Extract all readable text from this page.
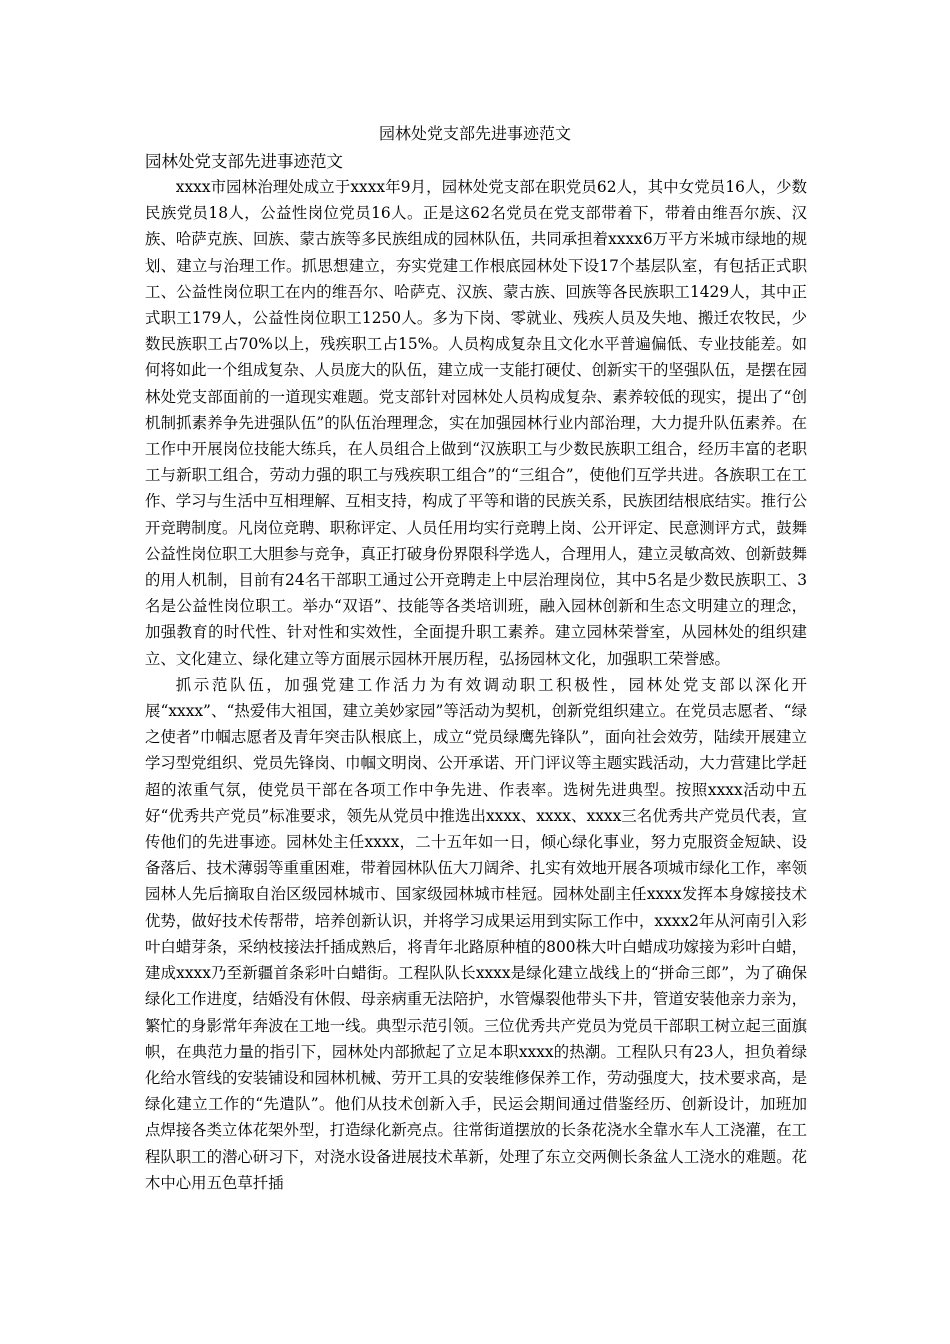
园林处党支部先进事迹范文
园林处党支部先进事迹范文

xxxx市园林治理处成立于xxxx年9月，园林处党支部在职党员62人，其中女党员16人，少数民族党员18人，公益性岗位党员16人。正是这62名党员在党支部带着下，带着由维吾尔族、汉族、哈萨克族、回族、蒙古族等多民族组成的园林队伍，共同承担着xxxx6万平方米城市绿地的规划、建立与治理工作。抓思想建立，夯实党建工作根底园林处下设17个基层队室，有包括正式职工、公益性岗位职工在内的维吾尔、哈萨克、汉族、蒙古族、回族等各民族职工1429人，其中正式职工179人，公益性岗位职工1250人。多为下岗、零就业、残疾人员及失地、搬迁农牧民，少数民族职工占70%以上，残疾职工占15%。人员构成复杂且文化水平普遍偏低、专业技能差。如何将如此一个组成复杂、人员庞大的队伍，建立成一支能打硬仗、创新实干的坚强队伍，是摆在园林处党支部面前的一道现实难题。党支部针对园林处人员构成复杂、素养较低的现实，提出了“创机制抓素养争先进强队伍”的队伍治理理念，实在加强园林行业内部治理，大力提升队伍素养。在工作中开展岗位技能大练兵，在人员组合上做到“汉族职工与少数民族职工组合，经历丰富的老职工与新职工组合，劳动力强的职工与残疾职工组合”的“三组合”，使他们互学共进。各族职工在工作、学习与生活中互相理解、互相支持，构成了平等和谐的民族关系，民族团结根底结实。推行公开竞聘制度。凡岗位竞聘、职称评定、人员任用均实行竞聘上岗、公开评定、民意测评方式，鼓舞公益性岗位职工大胆参与竞争，真正打破身份界限科学选人，合理用人，建立灵敏高效、创新鼓舞的用人机制，目前有24名干部职工通过公开竞聘走上中层治理岗位，其中5名是少数民族职工、3名是公益性岗位职工。举办“双语”、技能等各类培训班，融入园林创新和生态文明建立的理念，加强教育的时代性、针对性和实效性，全面提升职工素养。建立园林荣誉室，从园林处的组织建立、文化建立、绿化建立等方面展示园林开展历程，弘扬园林文化，加强职工荣誉感。

抓示范队伍，加强党建工作活力为有效调动职工积极性，园林处党支部以深化开展“xxxx”、“热爱伟大祖国，建立美妙家园”等活动为契机，创新党组织建立。在党员志愿者、“绿之使者”巾帼志愿者及青年突击队根底上，成立“党员绿鹰先锋队”，面向社会效劳，陆续开展建立学习型党组织、党员先锋岗、巾帼文明岗、公开承诺、开门评议等主题实践活动，大力营建比学赶超的浓重气氛，使党员干部在各项工作中争先进、作表率。选树先进典型。按照xxxx活动中五好“优秀共产党员”标准要求，领先从党员中推选出xxxx、xxxx、xxxx三名优秀共产党员代表，宣传他们的先进事迹。园林处主任xxxx，二十五年如一日，倾心绿化事业，努力克服资金短缺、设备落后、技术薄弱等重重困难，带着园林队伍大刀阔斧、扎实有效地开展各项城市绿化工作，率领园林人先后摘取自治区级园林城市、国家级园林城市桂冠。园林处副主任xxxx发挥本身嫁接技术优势，做好技术传帮带，培养创新认识，并将学习成果运用到实际工作中，xxxx2年从河南引入彩叶白蜡芽条，采纳枝接法扦插成熟后，将青年北路原种植的800株大叶白蜡成功嫁接为彩叶白蜡，建成xxxx乃至新疆首条彩叶白蜡街。工程队队长xxxx是绿化建立战线上的“拼命三郎”，为了确保绿化工作进度，结婚没有休假、母亲病重无法陪护，水管爆裂他带头下井，管道安装他亲力亲为，繁忙的身影常年奔波在工地一线。典型示范引领。三位优秀共产党员为党员干部职工树立起三面旗帜，在典范力量的指引下，园林处内部掀起了立足本职xxxx的热潮。工程队只有23人，担负着绿化给水管线的安装铺设和园林机械、劳开工具的安装维修保养工作，劳动强度大，技术要求高，是绿化建立工作的“先遣队”。他们从技术创新入手，民运会期间通过借鉴经历、创新设计，加班加点焊接各类立体花架外型，打造绿化新亮点。往常街道摆放的长条花浇水全靠水车人工浇灌，在工程队职工的潜心研习下，对浇水设备进展技术革新，处理了东立交两侧长条盆人工浇水的难题。花木中心用五色草扦插
